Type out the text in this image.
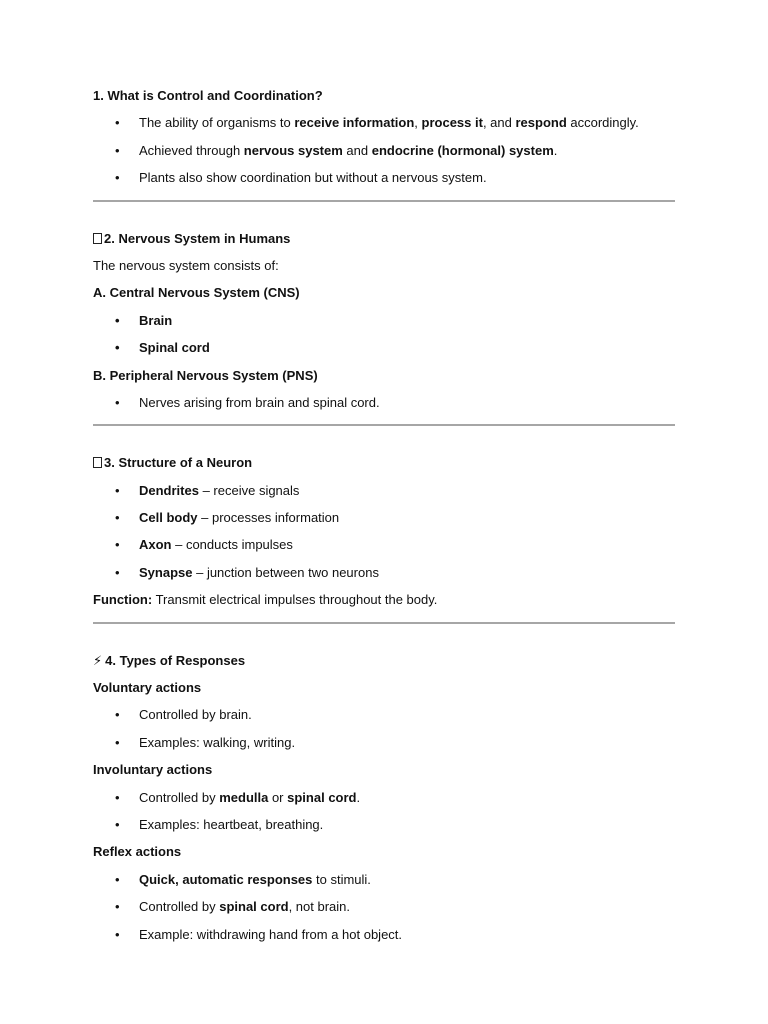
1. What is Control and Coordination?
• The ability of organisms to receive information, process it, and respond accordingly.
• Achieved through nervous system and endocrine (hormonal) system.
• Plants also show coordination but without a nervous system.
2. Nervous System in Humans
The nervous system consists of:
A. Central Nervous System (CNS)
• Brain
• Spinal cord
B. Peripheral Nervous System (PNS)
• Nerves arising from brain and spinal cord.
3. Structure of a Neuron
• Dendrites – receive signals
• Cell body – processes information
• Axon – conducts impulses
• Synapse – junction between two neurons
Function: Transmit electrical impulses throughout the body.
⚡ 4. Types of Responses
Voluntary actions
• Controlled by brain.
• Examples: walking, writing.
Involuntary actions
• Controlled by medulla or spinal cord.
• Examples: heartbeat, breathing.
Reflex actions
• Quick, automatic responses to stimuli.
• Controlled by spinal cord, not brain.
• Example: withdrawing hand from a hot object.
